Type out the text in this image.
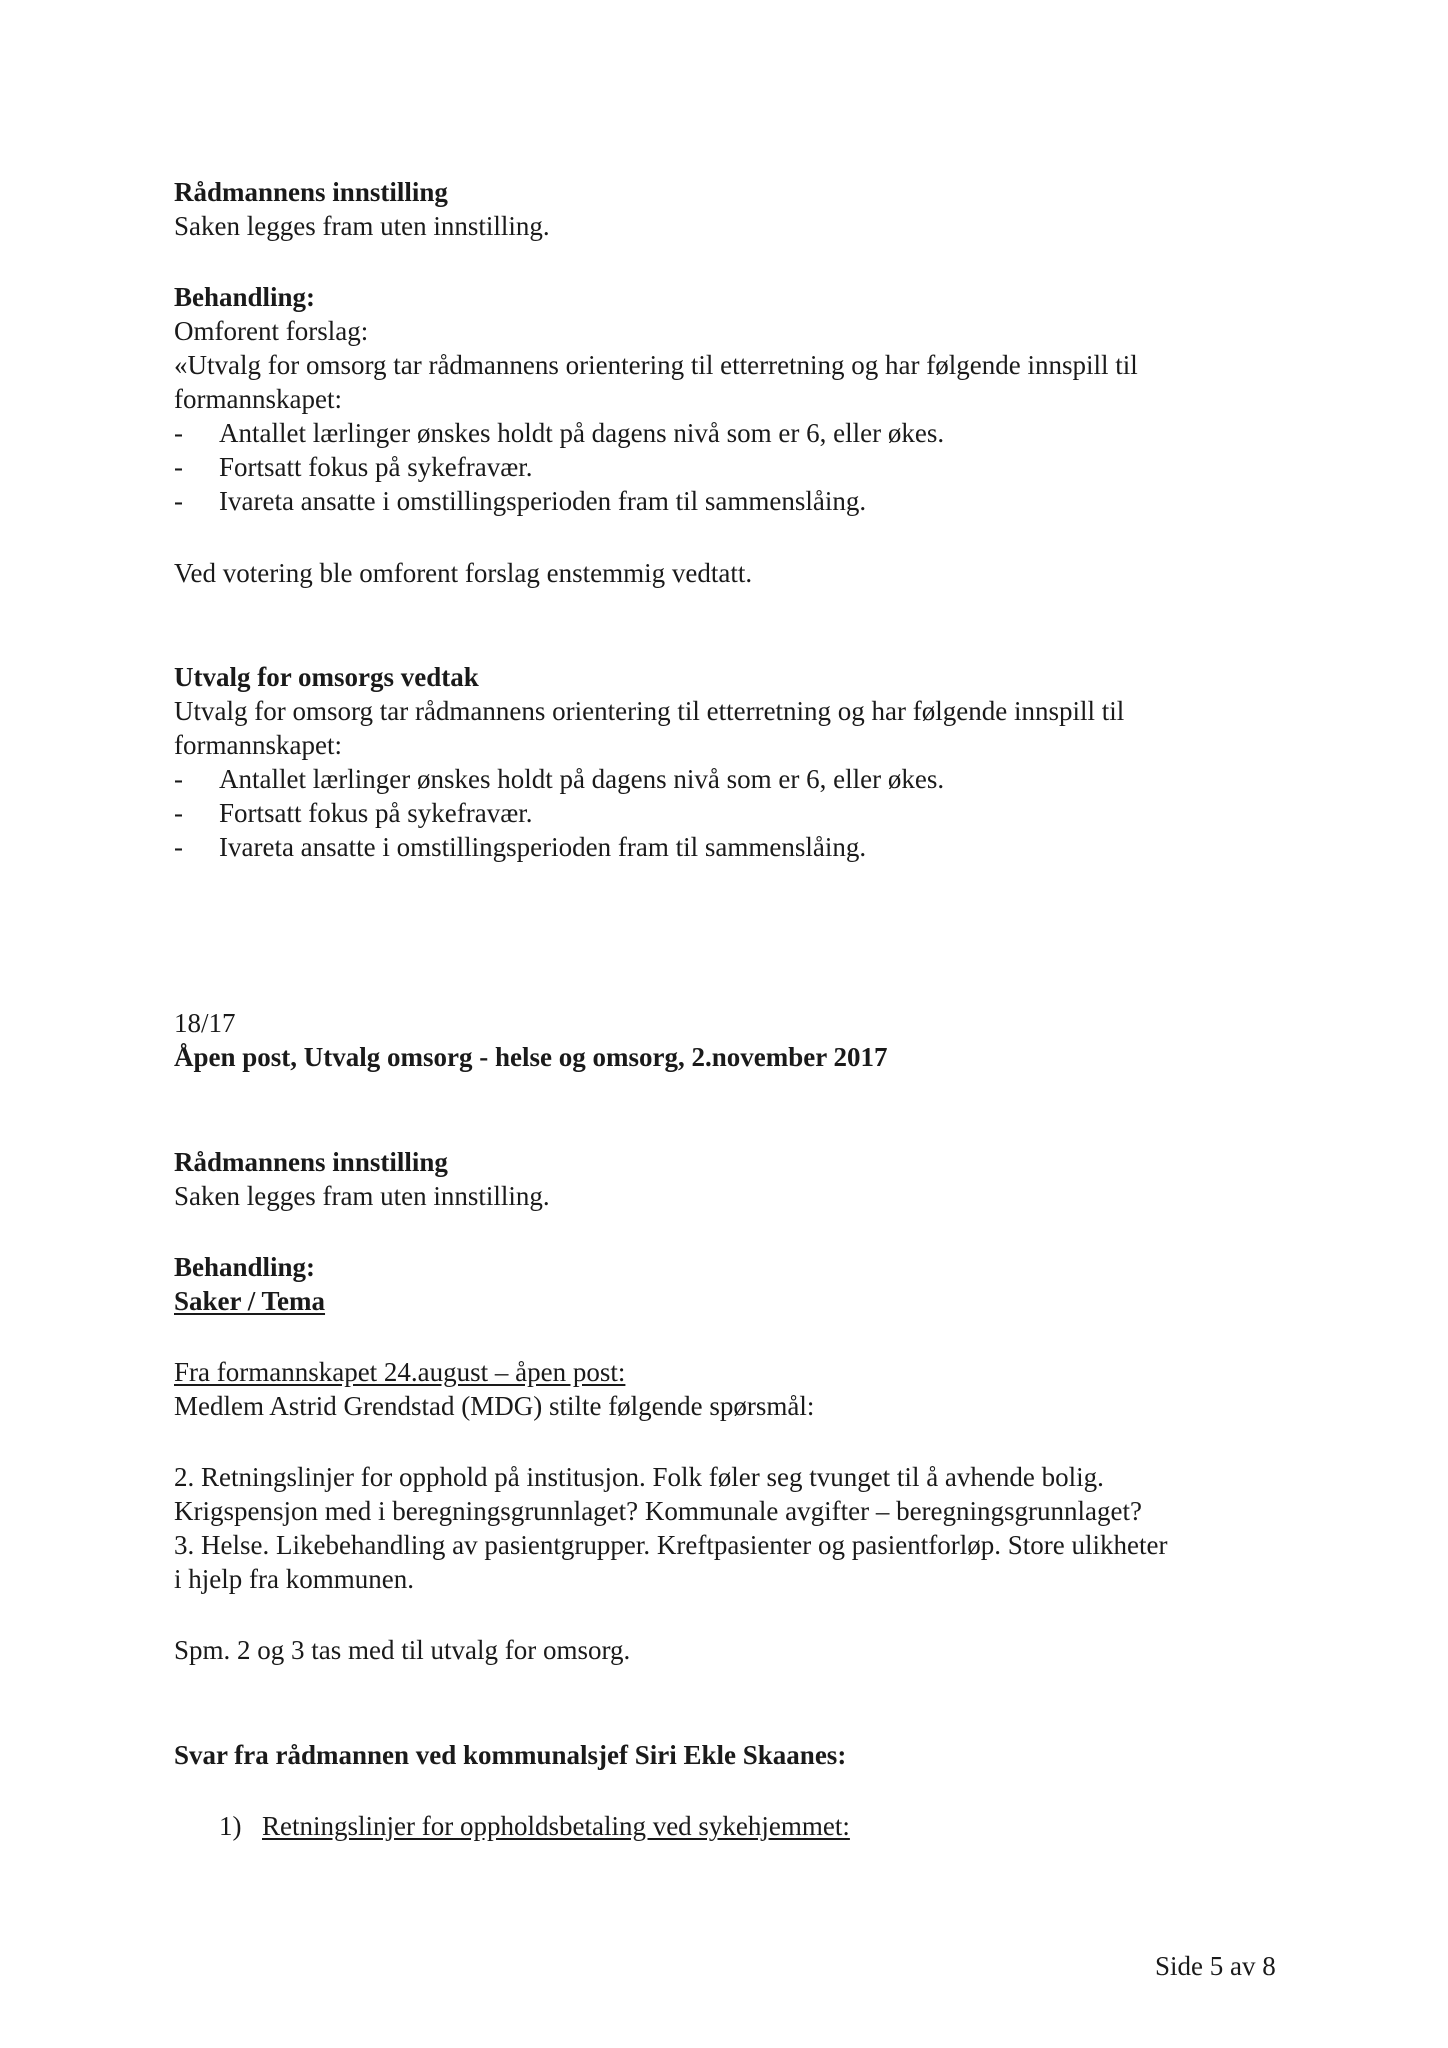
Rådmannens innstilling
Saken legges fram uten innstilling.
Behandling:
Omforent forslag:
«Utvalg for omsorg tar rådmannens orientering til etterretning og har følgende innspill til
formannskapet:
- Antallet lærlinger ønskes holdt på dagens nivå som er 6, eller økes.
- Fortsatt fokus på sykefravær.
- Ivareta ansatte i omstillingsperioden fram til sammenslåing.
Ved votering ble omforent forslag enstemmig vedtatt.
Utvalg for omsorgs vedtak
Utvalg for omsorg tar rådmannens orientering til etterretning og har følgende innspill til
formannskapet:
- Antallet lærlinger ønskes holdt på dagens nivå som er 6, eller økes.
- Fortsatt fokus på sykefravær.
- Ivareta ansatte i omstillingsperioden fram til sammenslåing.
18/17
Åpen post, Utvalg omsorg - helse og omsorg, 2.november 2017
Rådmannens innstilling
Saken legges fram uten innstilling.
Behandling:
Saker / Tema
Fra formannskapet 24.august – åpen post:
Medlem Astrid Grendstad (MDG) stilte følgende spørsmål:
2. Retningslinjer for opphold på institusjon. Folk føler seg tvunget til å avhende bolig.
Krigspensjon med i beregningsgrunnlaget? Kommunale avgifter – beregningsgrunnlaget?
3. Helse. Likebehandling av pasientgrupper. Kreftpasienter og pasientforløp. Store ulikheter
i hjelp fra kommunen.
Spm. 2 og 3 tas med til utvalg for omsorg.
Svar fra rådmannen ved kommunalsjef Siri Ekle Skaanes:
1) Retningslinjer for oppholdsbetaling ved sykehjemmet:
Side 5 av 8
